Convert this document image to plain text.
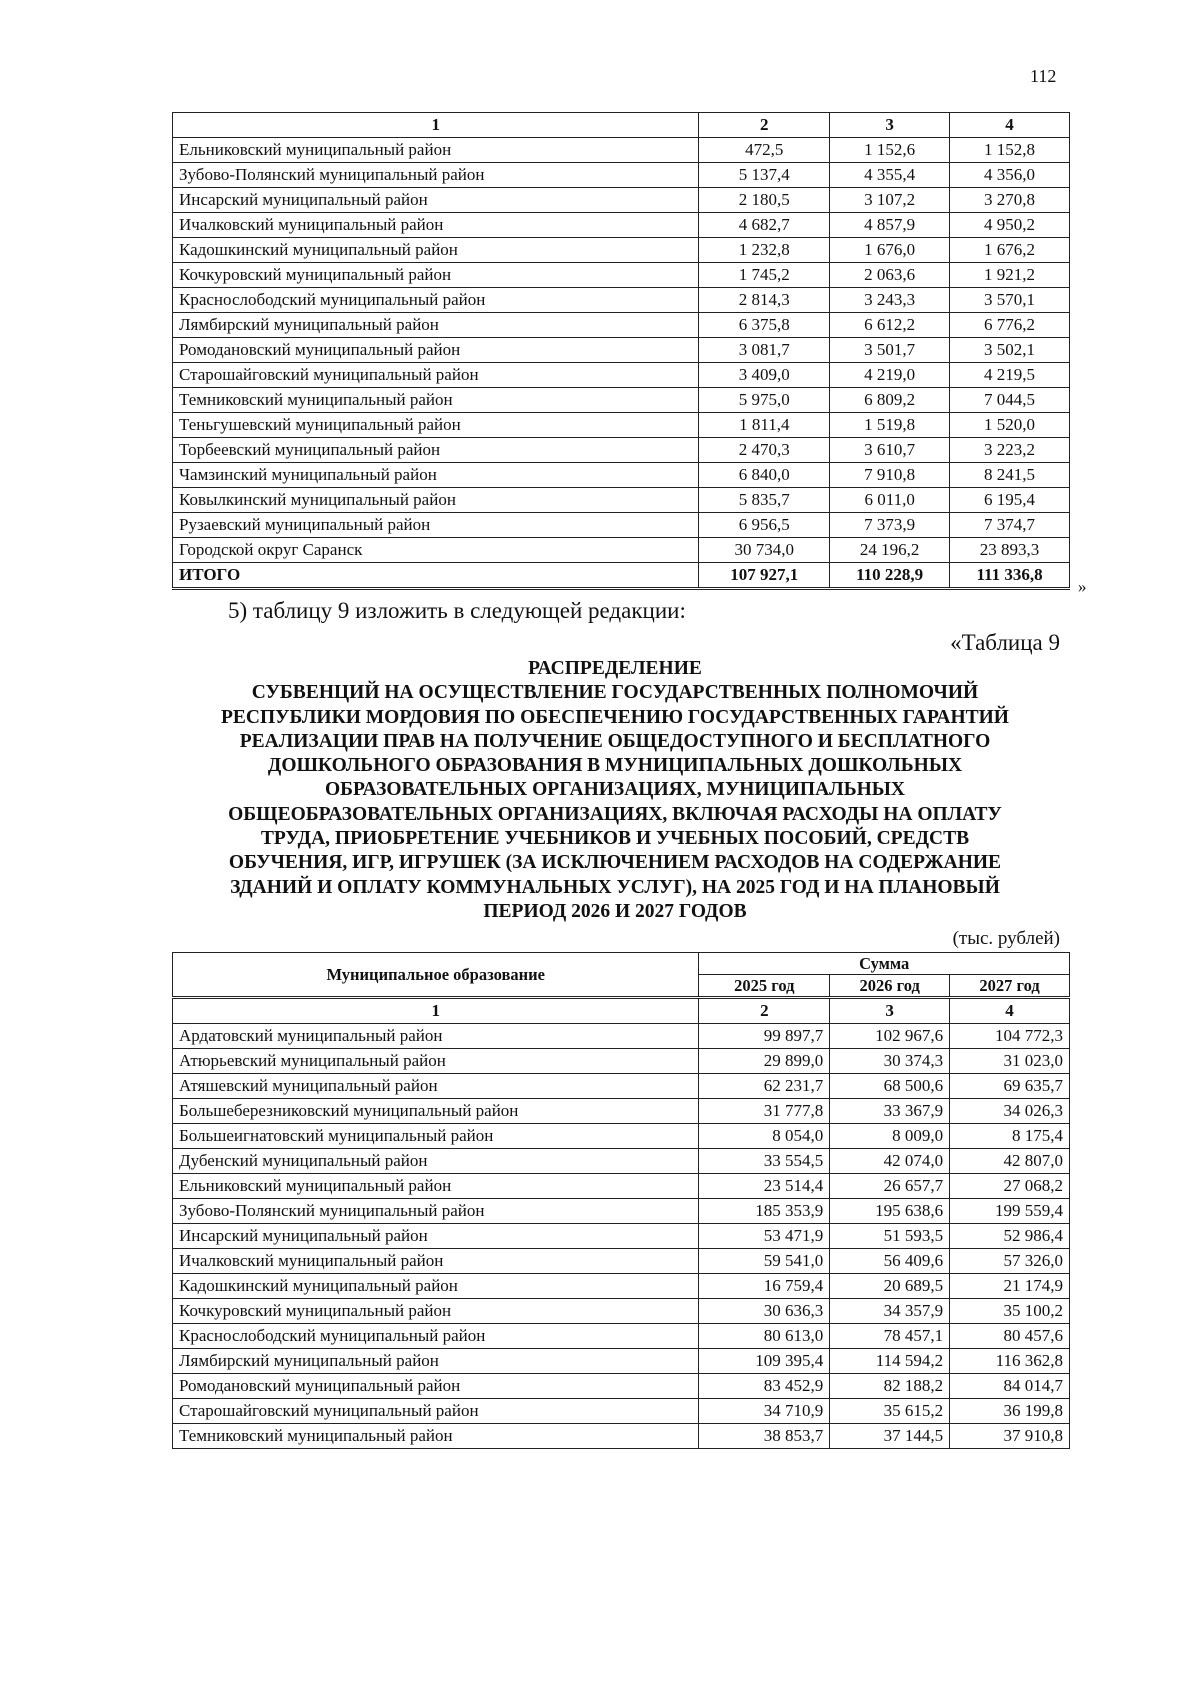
112
1	2	3	4
Ельниковский муниципальный район	472,5	1 152,6	1 152,8
Зубово-Полянский муниципальный район	5 137,4	4 355,4	4 356,0
Инсарский муниципальный район	2 180,5	3 107,2	3 270,8
Ичалковский муниципальный район	4 682,7	4 857,9	4 950,2
Кадошкинский муниципальный район	1 232,8	1 676,0	1 676,2
Кочкуровский муниципальный район	1 745,2	2 063,6	1 921,2
Краснослободский муниципальный район	2 814,3	3 243,3	3 570,1
Лямбирский муниципальный район	6 375,8	6 612,2	6 776,2
Ромодановский муниципальный район	3 081,7	3 501,7	3 502,1
Старошайговский муниципальный район	3 409,0	4 219,0	4 219,5
Темниковский муниципальный район	5 975,0	6 809,2	7 044,5
Теньгушевский муниципальный район	1 811,4	1 519,8	1 520,0
Торбеевский муниципальный район	2 470,3	3 610,7	3 223,2
Чамзинский муниципальный район	6 840,0	7 910,8	8 241,5
Ковылкинский муниципальный район	5 835,7	6 011,0	6 195,4
Рузаевский муниципальный район	6 956,5	7 373,9	7 374,7
Городской округ Саранск	30 734,0	24 196,2	23 893,3
ИТОГО	107 927,1	110 228,9	111 336,8
»
5) таблицу 9 изложить в следующей редакции:
«Таблица 9
РАСПРЕДЕЛЕНИЕ
СУБВЕНЦИЙ НА ОСУЩЕСТВЛЕНИЕ ГОСУДАРСТВЕННЫХ ПОЛНОМОЧИЙ
РЕСПУБЛИКИ МОРДОВИЯ ПО ОБЕСПЕЧЕНИЮ ГОСУДАРСТВЕННЫХ ГАРАНТИЙ
РЕАЛИЗАЦИИ ПРАВ НА ПОЛУЧЕНИЕ ОБЩЕДОСТУПНОГО И БЕСПЛАТНОГО
ДОШКОЛЬНОГО ОБРАЗОВАНИЯ В МУНИЦИПАЛЬНЫХ ДОШКОЛЬНЫХ
ОБРАЗОВАТЕЛЬНЫХ ОРГАНИЗАЦИЯХ, МУНИЦИПАЛЬНЫХ
ОБЩЕОБРАЗОВАТЕЛЬНЫХ ОРГАНИЗАЦИЯХ, ВКЛЮЧАЯ РАСХОДЫ НА ОПЛАТУ
ТРУДА, ПРИОБРЕТЕНИЕ УЧЕБНИКОВ И УЧЕБНЫХ ПОСОБИЙ, СРЕДСТВ
ОБУЧЕНИЯ, ИГР, ИГРУШЕК (ЗА ИСКЛЮЧЕНИЕМ РАСХОДОВ НА СОДЕРЖАНИЕ
ЗДАНИЙ И ОПЛАТУ КОММУНАЛЬНЫХ УСЛУГ), НА 2025 ГОД И НА ПЛАНОВЫЙ
ПЕРИОД 2026 И 2027 ГОДОВ
(тыс. рублей)
Муниципальное образование	Сумма		
	2025 год	2026 год	2027 год
1	2	3	4
Ардатовский муниципальный район	99 897,7	102 967,6	104 772,3
Атюрьевский муниципальный район	29 899,0	30 374,3	31 023,0
Атяшевский муниципальный район	62 231,7	68 500,6	69 635,7
Большеберезниковский муниципальный район	31 777,8	33 367,9	34 026,3
Большеигнатовский муниципальный район	8 054,0	8 009,0	8 175,4
Дубенский муниципальный район	33 554,5	42 074,0	42 807,0
Ельниковский муниципальный район	23 514,4	26 657,7	27 068,2
Зубово-Полянский муниципальный район	185 353,9	195 638,6	199 559,4
Инсарский муниципальный район	53 471,9	51 593,5	52 986,4
Ичалковский муниципальный район	59 541,0	56 409,6	57 326,0
Кадошкинский муниципальный район	16 759,4	20 689,5	21 174,9
Кочкуровский муниципальный район	30 636,3	34 357,9	35 100,2
Краснослободский муниципальный район	80 613,0	78 457,1	80 457,6
Лямбирский муниципальный район	109 395,4	114 594,2	116 362,8
Ромодановский муниципальный район	83 452,9	82 188,2	84 014,7
Старошайговский муниципальный район	34 710,9	35 615,2	36 199,8
Темниковский муниципальный район	38 853,7	37 144,5	37 910,8
